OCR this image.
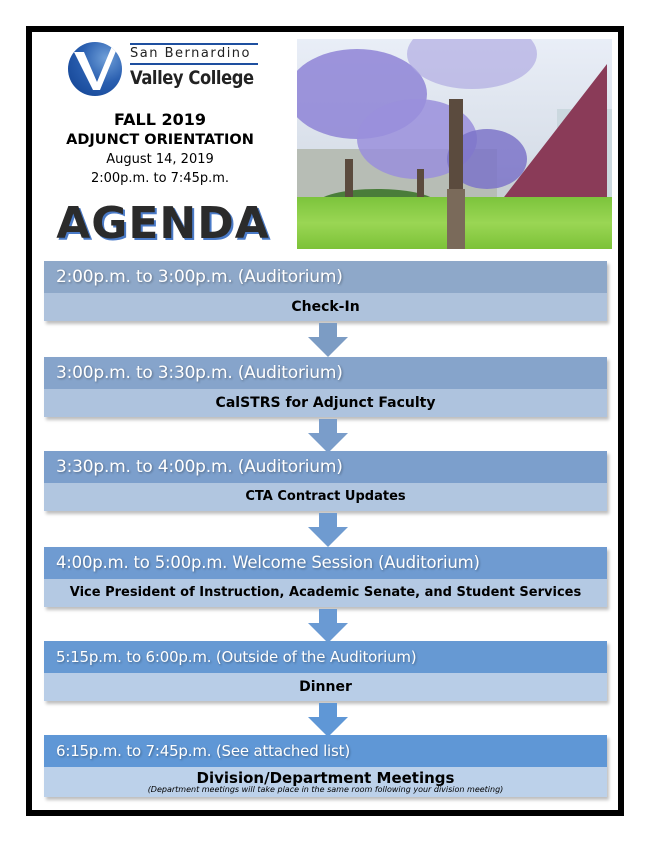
San Bernardino
Valley College
FALL 2019
ADJUNCT ORIENTATION
August 14, 2019
2:00p.m. to 7:45p.m.
AGENDA
2:00p.m. to 3:00p.m. (Auditorium)
Check-In
3:00p.m. to 3:30p.m. (Auditorium)
CalSTRS for Adjunct Faculty
3:30p.m. to 4:00p.m. (Auditorium)
CTA Contract Updates
4:00p.m. to 5:00p.m. Welcome Session (Auditorium)
Vice President of Instruction, Academic Senate, and Student Services
5:15p.m. to 6:00p.m. (Outside of the Auditorium)
Dinner
6:15p.m. to 7:45p.m. (See attached list)
Division/Department Meetings
(Department meetings will take place in the same room following your division meeting)
